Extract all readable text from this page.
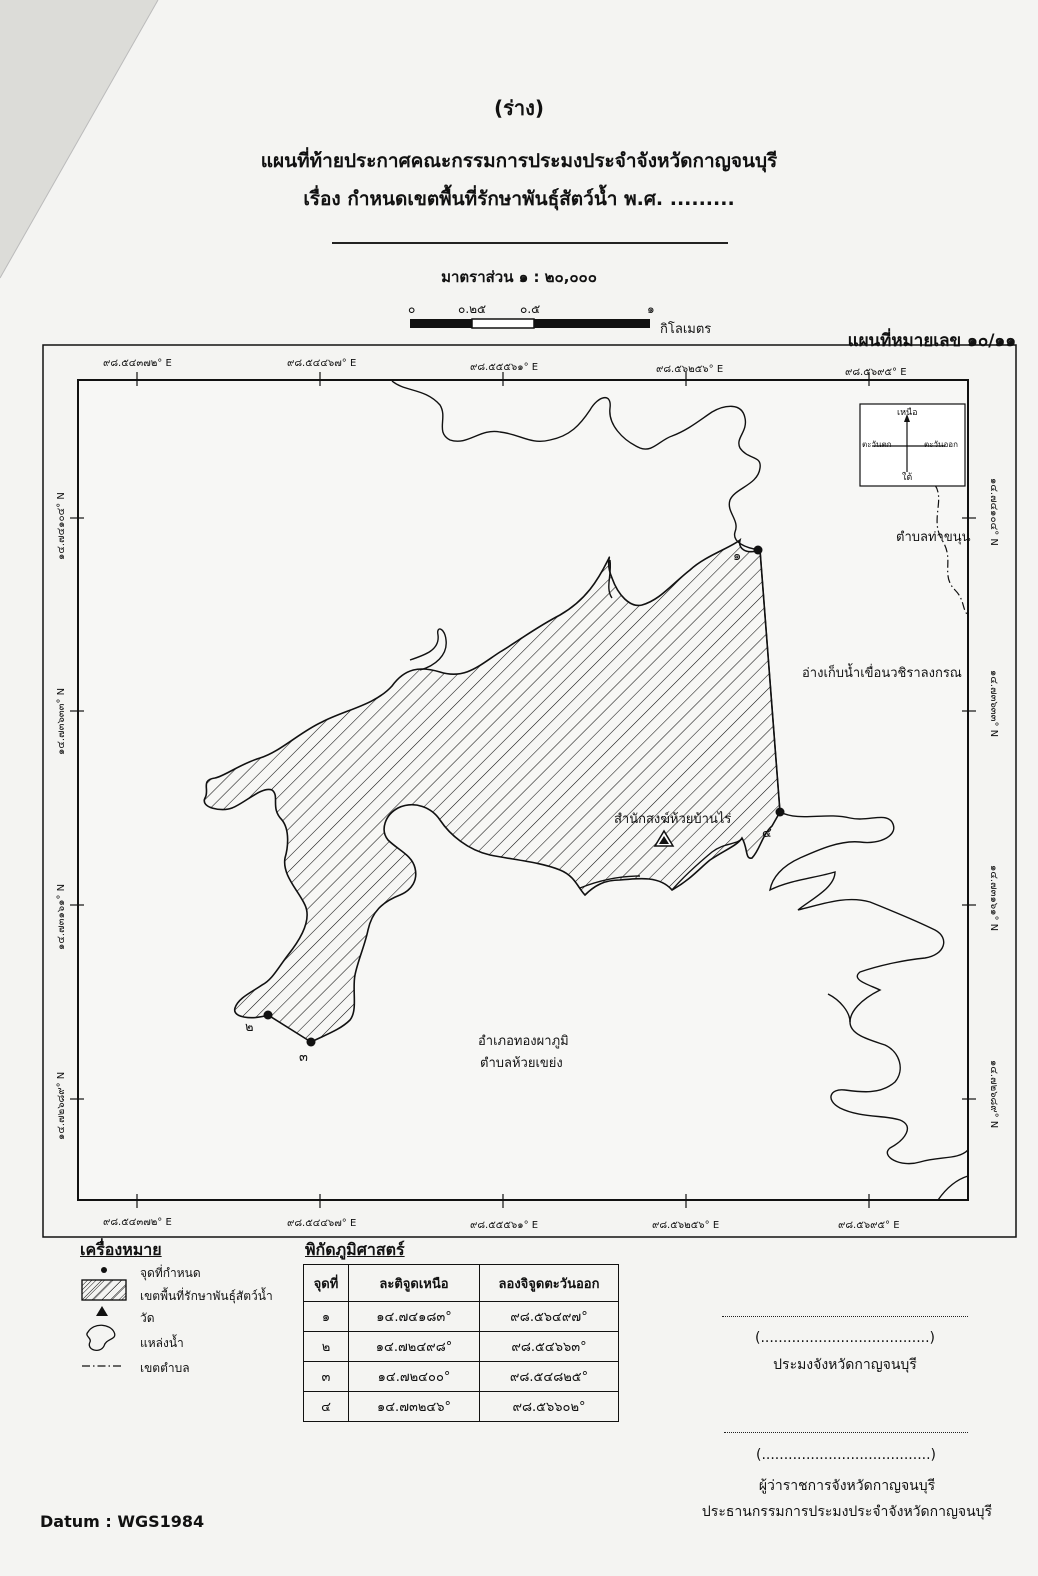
(ร่าง)
แผนที่ท้ายประกาศคณะกรรมการประมงประจำจังหวัดกาญจนบุรี
เรื่อง กำหนดเขตพื้นที่รักษาพันธุ์สัตว์น้ำ พ.ศ. .........
มาตราส่วน ๑ : ๒๐,๐๐๐
๐	๐.๒๕	๐.๕	๑
กิโลเมตร
แผนที่หมายเลข ๑๐/๑๑
๙๘.๕๔๓๗๒° E	๙๘.๕๔๔๖๗° E	๙๘.๕๕๕๖๑° E	๙๘.๕๖๒๕๖° E	๙๘.๕๖๙๕° E
๙๘.๕๔๓๗๒° E	๙๘.๕๔๔๖๗° E	๙๘.๕๕๕๖๑° E	๙๘.๕๖๒๕๖° E	๙๘.๕๖๙๕° E
๑๔.๗๔๑๐๔° N
๑๔.๗๓๖๓๓° N
๑๔.๗๓๑๖๑° N
๑๔.๗๒๖๘๙° N
๑๔.๗๔๑๐๔° N
๑๔.๗๓๖๓๓° N
๑๔.๗๓๑๖๑° N
๑๔.๗๒๖๘๙° N
เหนือ
ใต้
ตะวันออก
ตะวันตก
๑
๒
๓
๔
ตำบลท่าขนุน
อ่างเก็บน้ำเขื่อนวชิราลงกรณ
สำนักสงฆ์ห้วยบ้านไร่
อำเภอทองผาภูมิ
ตำบลห้วยเขย่ง
เครื่องหมาย
จุดที่กำหนด
เขตพื้นที่รักษาพันธุ์สัตว์น้ำ
วัด
แหล่งน้ำ
เขตตำบล
พิกัดภูมิศาสตร์
จุดที่	ละติจูดเหนือ	ลองจิจูดตะวันออก
๑	๑๔.๗๔๑๘๓°	๙๘.๕๖๔๙๗°
๒	๑๔.๗๒๔๙๘°	๙๘.๕๔๖๖๓°
๓	๑๔.๗๒๔๐๐°	๙๘.๕๔๘๒๕°
๔	๑๔.๗๓๒๔๖°	๙๘.๕๖๖๐๒°
(......................................)
ประมงจังหวัดกาญจนบุรี
(......................................)
ผู้ว่าราชการจังหวัดกาญจนบุรี
ประธานกรรมการประมงประจำจังหวัดกาญจนบุรี
Datum : WGS1984
